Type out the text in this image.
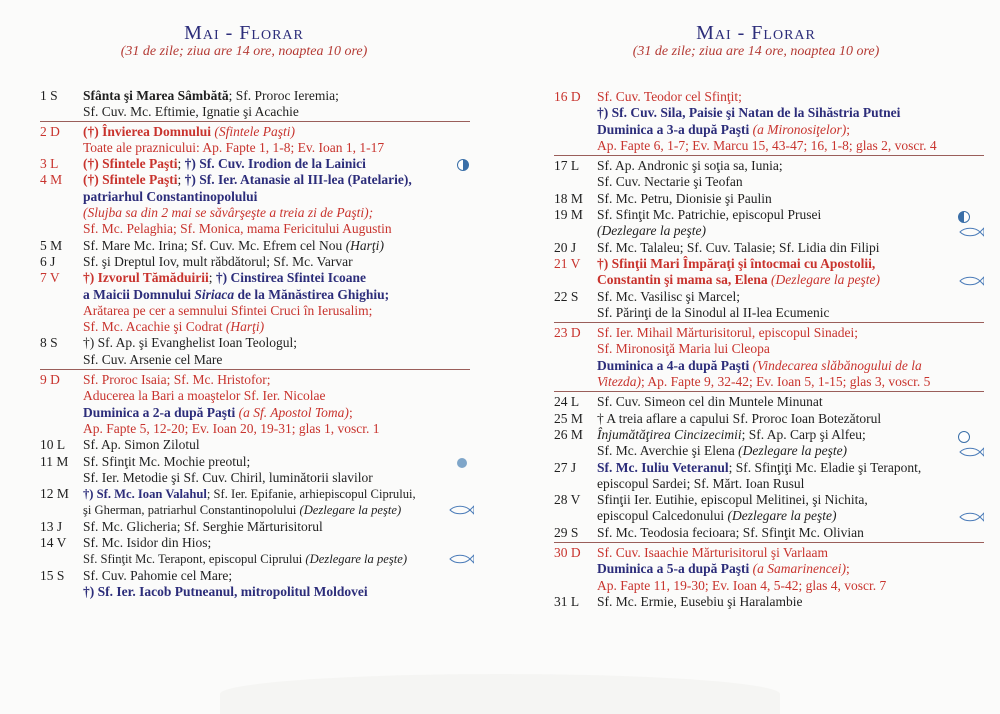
Mai - Florar
(31 de zile; ziua are 14 ore, noaptea 10 ore)
1 S	Sfânta şi Marea Sâmbătă; Sf. Proroc Ieremia;
Sf. Cuv. Mc. Eftimie, Ignatie şi Acachie
2 D	(†) Învierea Domnului (Sfintele Paşti)
Toate ale praznicului: Ap. Fapte 1, 1-8; Ev. Ioan 1, 1-17
3 L	(†) Sfintele Paşti; †) Sf. Cuv. Irodion de la Lainici
4 M	(†) Sfintele Paşti; †) Sf. Ier. Atanasie al III-lea (Patelarie),
patriarhul Constantinopolului
(Slujba sa din 2 mai se săvârşeşte a treia zi de Paşti);
Sf. Mc. Pelaghia; Sf. Monica, mama Fericitului Augustin
5 M	Sf. Mare Mc. Irina; Sf. Cuv. Mc. Efrem cel Nou (Harţi)
6 J	Sf. şi Dreptul Iov, mult răbdătorul; Sf. Mc. Varvar
7 V	†) Izvorul Tămăduirii; †) Cinstirea Sfintei Icoane
a Maicii Domnului Siriaca de la Mănăstirea Ghighiu;
Arătarea pe cer a semnului Sfintei Cruci în Ierusalim;
Sf. Mc. Acachie şi Codrat (Harţi)
8 S	†) Sf. Ap. şi Evanghelist Ioan Teologul;
Sf. Cuv. Arsenie cel Mare
9 D	Sf. Proroc Isaia; Sf. Mc. Hristofor;
Aducerea la Bari a moaştelor Sf. Ier. Nicolae
Duminica a 2-a după Paşti (a Sf. Apostol Toma);
Ap. Fapte 5, 12-20; Ev. Ioan 20, 19-31; glas 1, voscr. 1
10 L	Sf. Ap. Simon Zilotul
11 M	Sf. Sfinţit Mc. Mochie preotul;
Sf. Ier. Metodie şi Sf. Cuv. Chiril, luminătorii slavilor
12 M	†) Sf. Mc. Ioan Valahul; Sf. Ier. Epifanie, arhiepiscopul Ciprului,
şi Gherman, patriarhul Constantinopolului (Dezlegare la peşte)
13 J	Sf. Mc. Glicheria; Sf. Serghie Mărturisitorul
14 V	Sf. Mc. Isidor din Hios;
Sf. Sfinţit Mc. Terapont, episcopul Ciprului (Dezlegare la peşte)
15 S	Sf. Cuv. Pahomie cel Mare;
†) Sf. Ier. Iacob Putneanul, mitropolitul Moldovei
Mai - Florar
(31 de zile; ziua are 14 ore, noaptea 10 ore)
16 D	Sf. Cuv. Teodor cel Sfinţit;
†) Sf. Cuv. Sila, Paisie şi Natan de la Sihăstria Putnei
Duminica a 3-a după Paşti (a Mironosiţelor);
Ap. Fapte 6, 1-7; Ev. Marcu 15, 43-47; 16, 1-8; glas 2, voscr. 4
17 L	Sf. Ap. Andronic şi soţia sa, Iunia;
Sf. Cuv. Nectarie şi Teofan
18 M	Sf. Mc. Petru, Dionisie şi Paulin
19 M	Sf. Sfinţit Mc. Patrichie, episcopul Prusei
(Dezlegare la peşte)
20 J	Sf. Mc. Talaleu; Sf. Cuv. Talasie; Sf. Lidia din Filipi
21 V	†) Sfinţii Mari Împăraţi şi întocmai cu Apostolii,
Constantin şi mama sa, Elena (Dezlegare la peşte)
22 S	Sf. Mc. Vasilisc şi Marcel;
Sf. Părinţi de la Sinodul al II-lea Ecumenic
23 D	Sf. Ier. Mihail Mărturisitorul, episcopul Sinadei;
Sf. Mironosiţă Maria lui Cleopa
Duminica a 4-a după Paşti (Vindecarea slăbănogului de la
Vitezda); Ap. Fapte 9, 32-42; Ev. Ioan 5, 1-15; glas 3, voscr. 5
24 L	Sf. Cuv. Simeon cel din Muntele Minunat
25 M	† A treia aflare a capului Sf. Proroc Ioan Botezătorul
26 M	Înjumătăţirea Cincizecimii; Sf. Ap. Carp şi Alfeu;
Sf. Mc. Averchie şi Elena (Dezlegare la peşte)
27 J	Sf. Mc. Iuliu Veteranul; Sf. Sfinţiţi Mc. Eladie şi Terapont,
episcopul Sardei; Sf. Mărt. Ioan Rusul
28 V	Sfinţii Ier. Eutihie, episcopul Melitinei, şi Nichita,
episcopul Calcedonului (Dezlegare la peşte)
29 S	Sf. Mc. Teodosia fecioara; Sf. Sfinţit Mc. Olivian
30 D	Sf. Cuv. Isaachie Mărturisitorul şi Varlaam
Duminica a 5-a după Paşti (a Samarinencei);
Ap. Fapte 11, 19-30; Ev. Ioan 4, 5-42; glas 4, voscr. 7
31 L	Sf. Mc. Ermie, Eusebiu şi Haralambie
